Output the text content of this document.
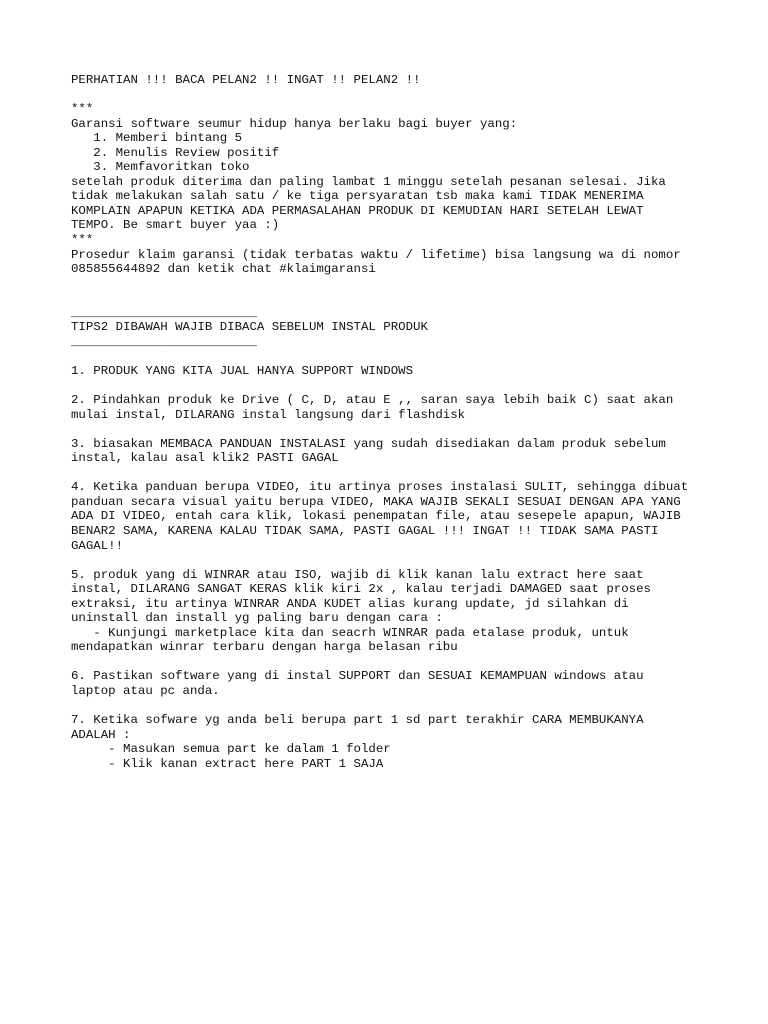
PERHATIAN !!! BACA PELAN2 !! INGAT !! PELAN2 !!
***
Garansi software seumur hidup hanya berlaku bagi buyer yang:
1. Memberi bintang 5
2. Menulis Review positif
3. Memfavoritkan toko
setelah produk diterima dan paling lambat 1 minggu setelah pesanan selesai. Jika
tidak melakukan salah satu / ke tiga persyaratan tsb maka kami TIDAK MENERIMA
KOMPLAIN APAPUN KETIKA ADA PERMASALAHAN PRODUK DI KEMUDIAN HARI SETELAH LEWAT
TEMPO. Be smart buyer yaa :)
***
Prosedur klaim garansi (tidak terbatas waktu / lifetime) bisa langsung wa di nomor
085855644892 dan ketik chat #klaimgaransi
_________________________
TIPS2 DIBAWAH WAJIB DIBACA SEBELUM INSTAL PRODUK
_________________________
1. PRODUK YANG KITA JUAL HANYA SUPPORT WINDOWS
2. Pindahkan produk ke Drive ( C, D, atau E ,, saran saya lebih baik C) saat akan
mulai instal, DILARANG instal langsung dari flashdisk
3. biasakan MEMBACA PANDUAN INSTALASI yang sudah disediakan dalam produk sebelum
instal, kalau asal klik2 PASTI GAGAL
4. Ketika panduan berupa VIDEO, itu artinya proses instalasi SULIT, sehingga dibuat
panduan secara visual yaitu berupa VIDEO, MAKA WAJIB SEKALI SESUAI DENGAN APA YANG
ADA DI VIDEO, entah cara klik, lokasi penempatan file, atau sesepele apapun, WAJIB
BENAR2 SAMA, KARENA KALAU TIDAK SAMA, PASTI GAGAL !!! INGAT !! TIDAK SAMA PASTI
GAGAL!!
5. produk yang di WINRAR atau ISO, wajib di klik kanan lalu extract here saat
instal, DILARANG SANGAT KERAS klik kiri 2x , kalau terjadi DAMAGED saat proses
extraksi, itu artinya WINRAR ANDA KUDET alias kurang update, jd silahkan di
uninstall dan install yg paling baru dengan cara :
- Kunjungi marketplace kita dan seacrh WINRAR pada etalase produk, untuk
mendapatkan winrar terbaru dengan harga belasan ribu
6. Pastikan software yang di instal SUPPORT dan SESUAI KEMAMPUAN windows atau
laptop atau pc anda.
7. Ketika sofware yg anda beli berupa part 1 sd part terakhir CARA MEMBUKANYA
ADALAH :
- Masukan semua part ke dalam 1 folder
- Klik kanan extract here PART 1 SAJA
